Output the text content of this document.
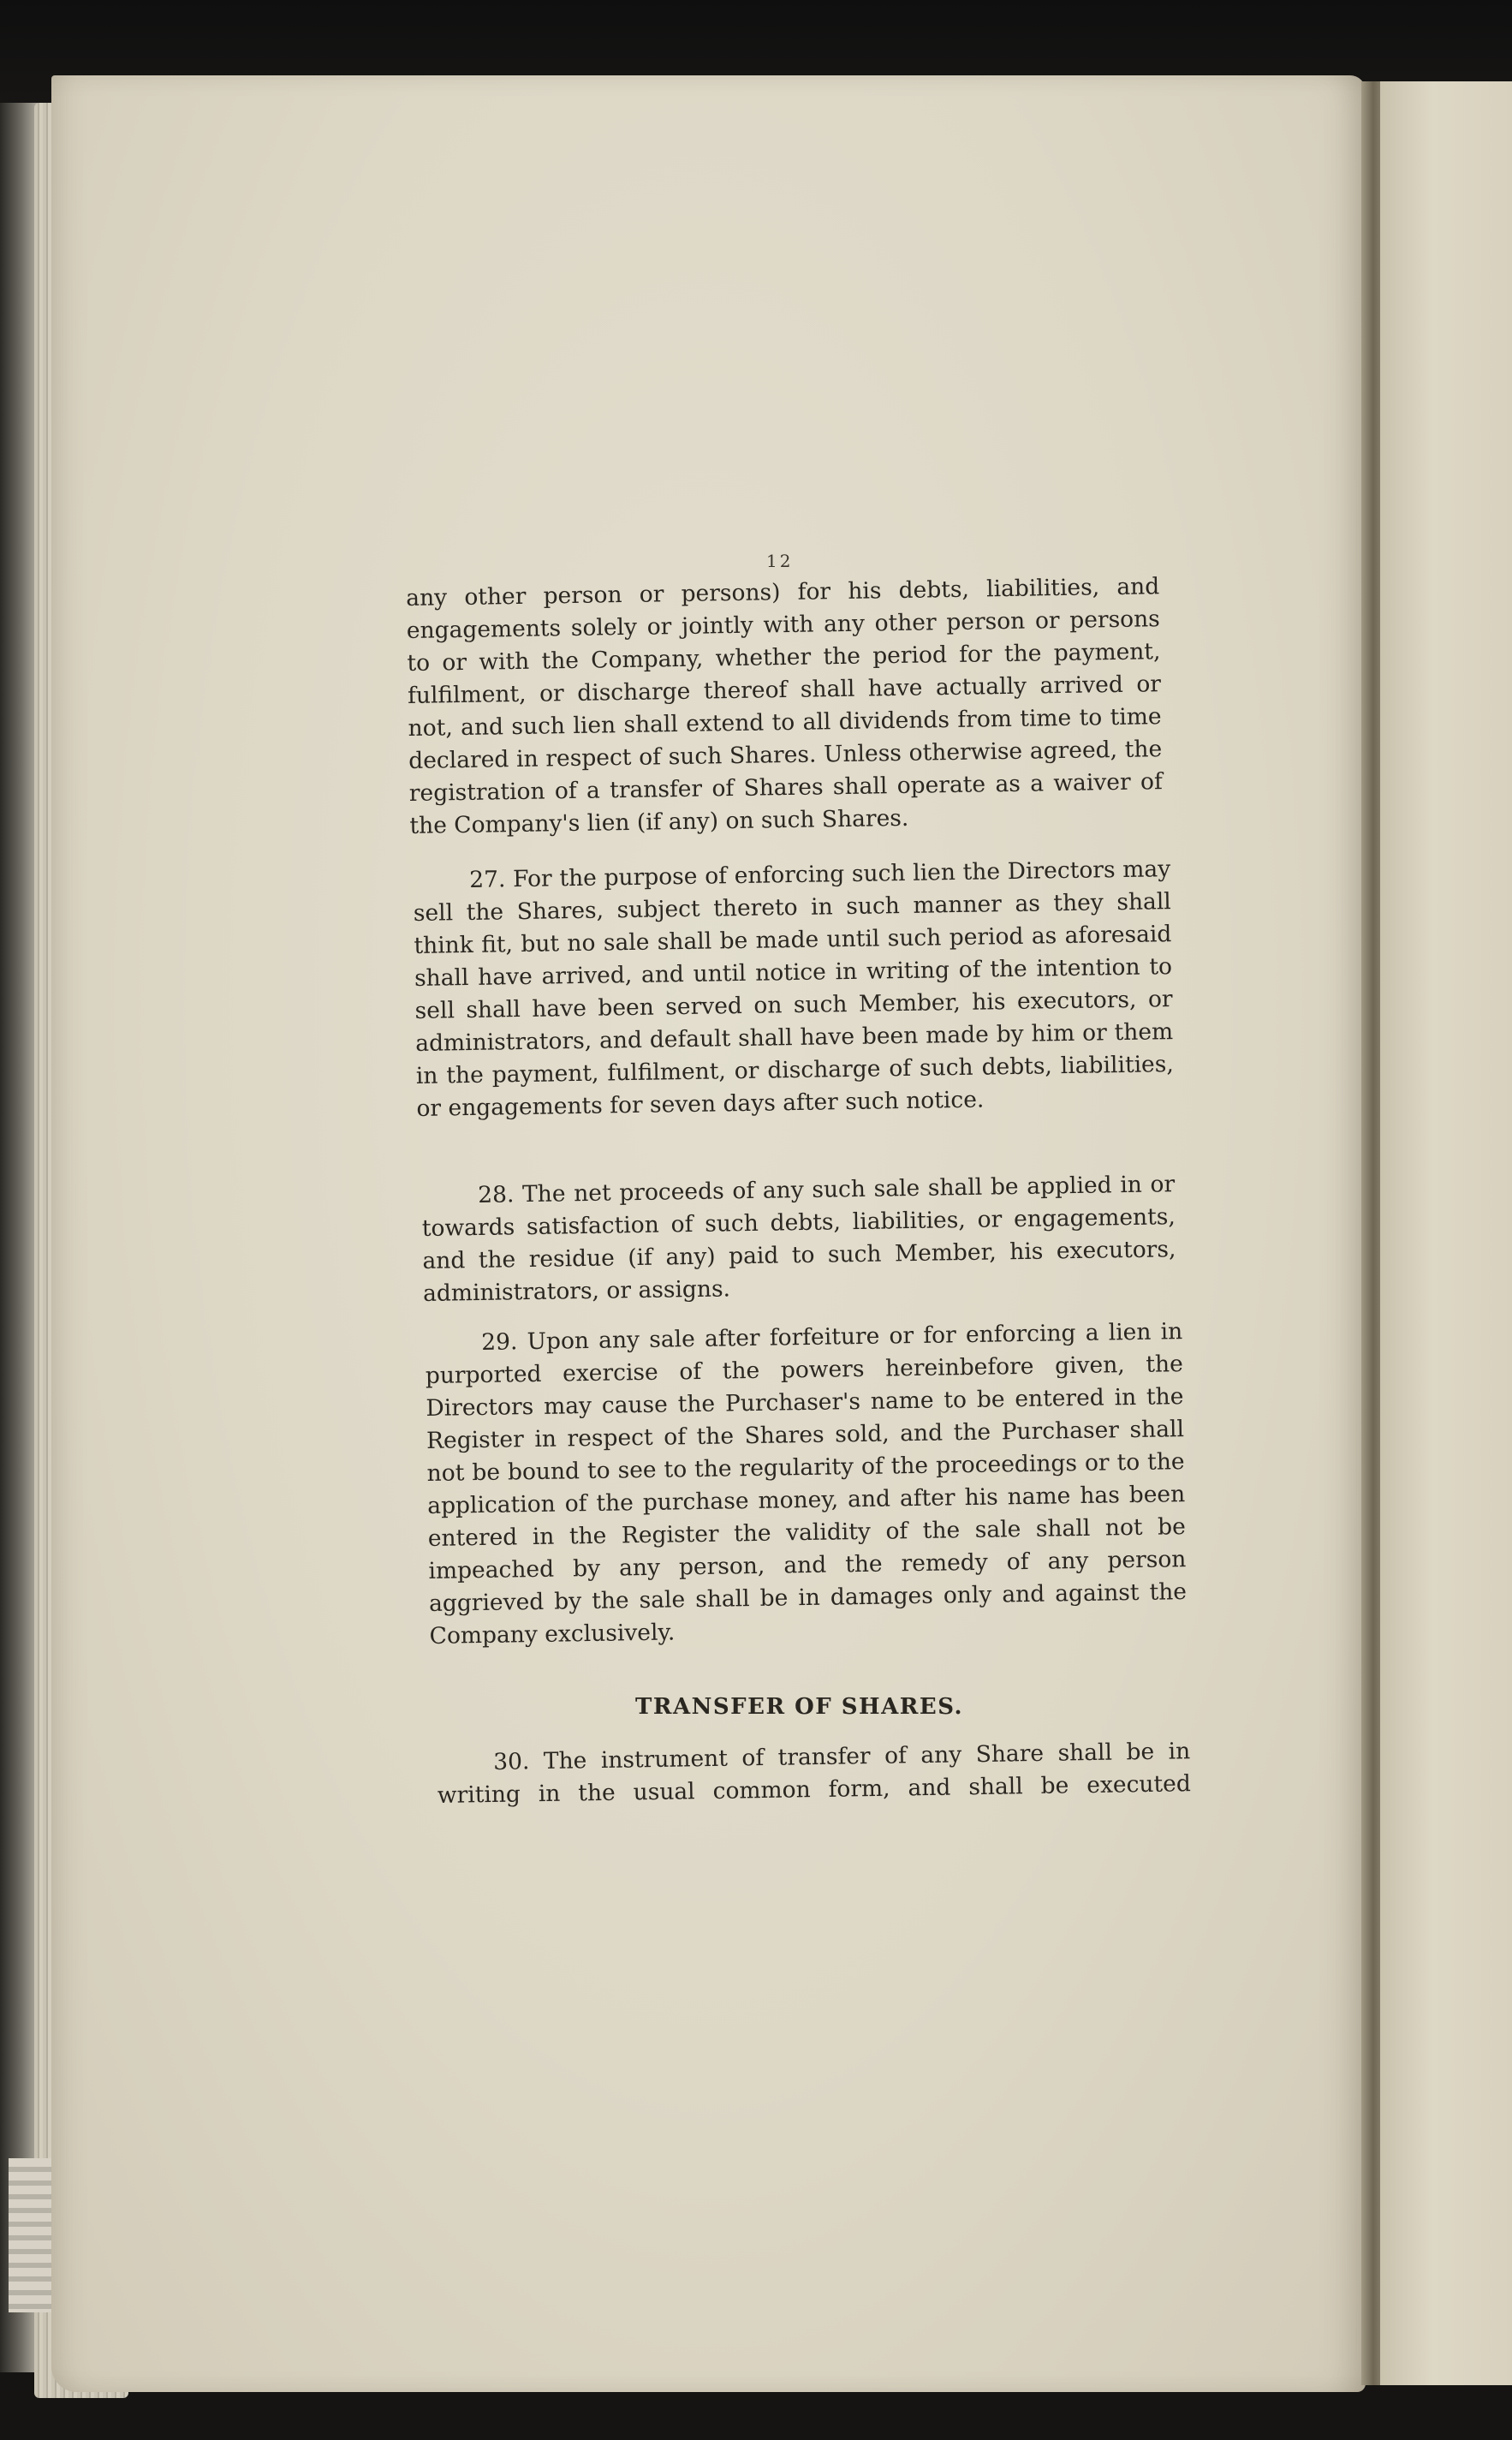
12

any other person or persons) for his debts, liabilities, and engagements solely or jointly with any other person or persons to or with the Company, whether the period for the payment, fulfilment, or discharge thereof shall have actually arrived or not, and such lien shall extend to all dividends from time to time declared in respect of such Shares. Unless otherwise agreed, the registration of a transfer of Shares shall operate as a waiver of the Company's lien (if any) on such Shares.

27. For the purpose of enforcing such lien the Directors may sell the Shares, subject thereto in such manner as they shall think fit, but no sale shall be made until such period as aforesaid shall have arrived, and until notice in writing of the intention to sell shall have been served on such Member, his executors, or administrators, and default shall have been made by him or them in the payment, fulfilment, or discharge of such debts, liabilities, or engagements for seven days after such notice.

28. The net proceeds of any such sale shall be applied in or towards satisfaction of such debts, liabilities, or engagements, and the residue (if any) paid to such Member, his executors, administrators, or assigns.

29. Upon any sale after forfeiture or for enforcing a lien in purported exercise of the powers hereinbefore given, the Directors may cause the Purchaser's name to be entered in the Register in respect of the Shares sold, and the Purchaser shall not be bound to see to the regularity of the proceedings or to the application of the purchase money, and after his name has been entered in the Register the validity of the sale shall not be impeached by any person, and the remedy of any person aggrieved by the sale shall be in damages only and against the Company exclusively.

TRANSFER OF SHARES.

30. The instrument of transfer of any Share shall be in writing in the usual common form, and shall be executed
